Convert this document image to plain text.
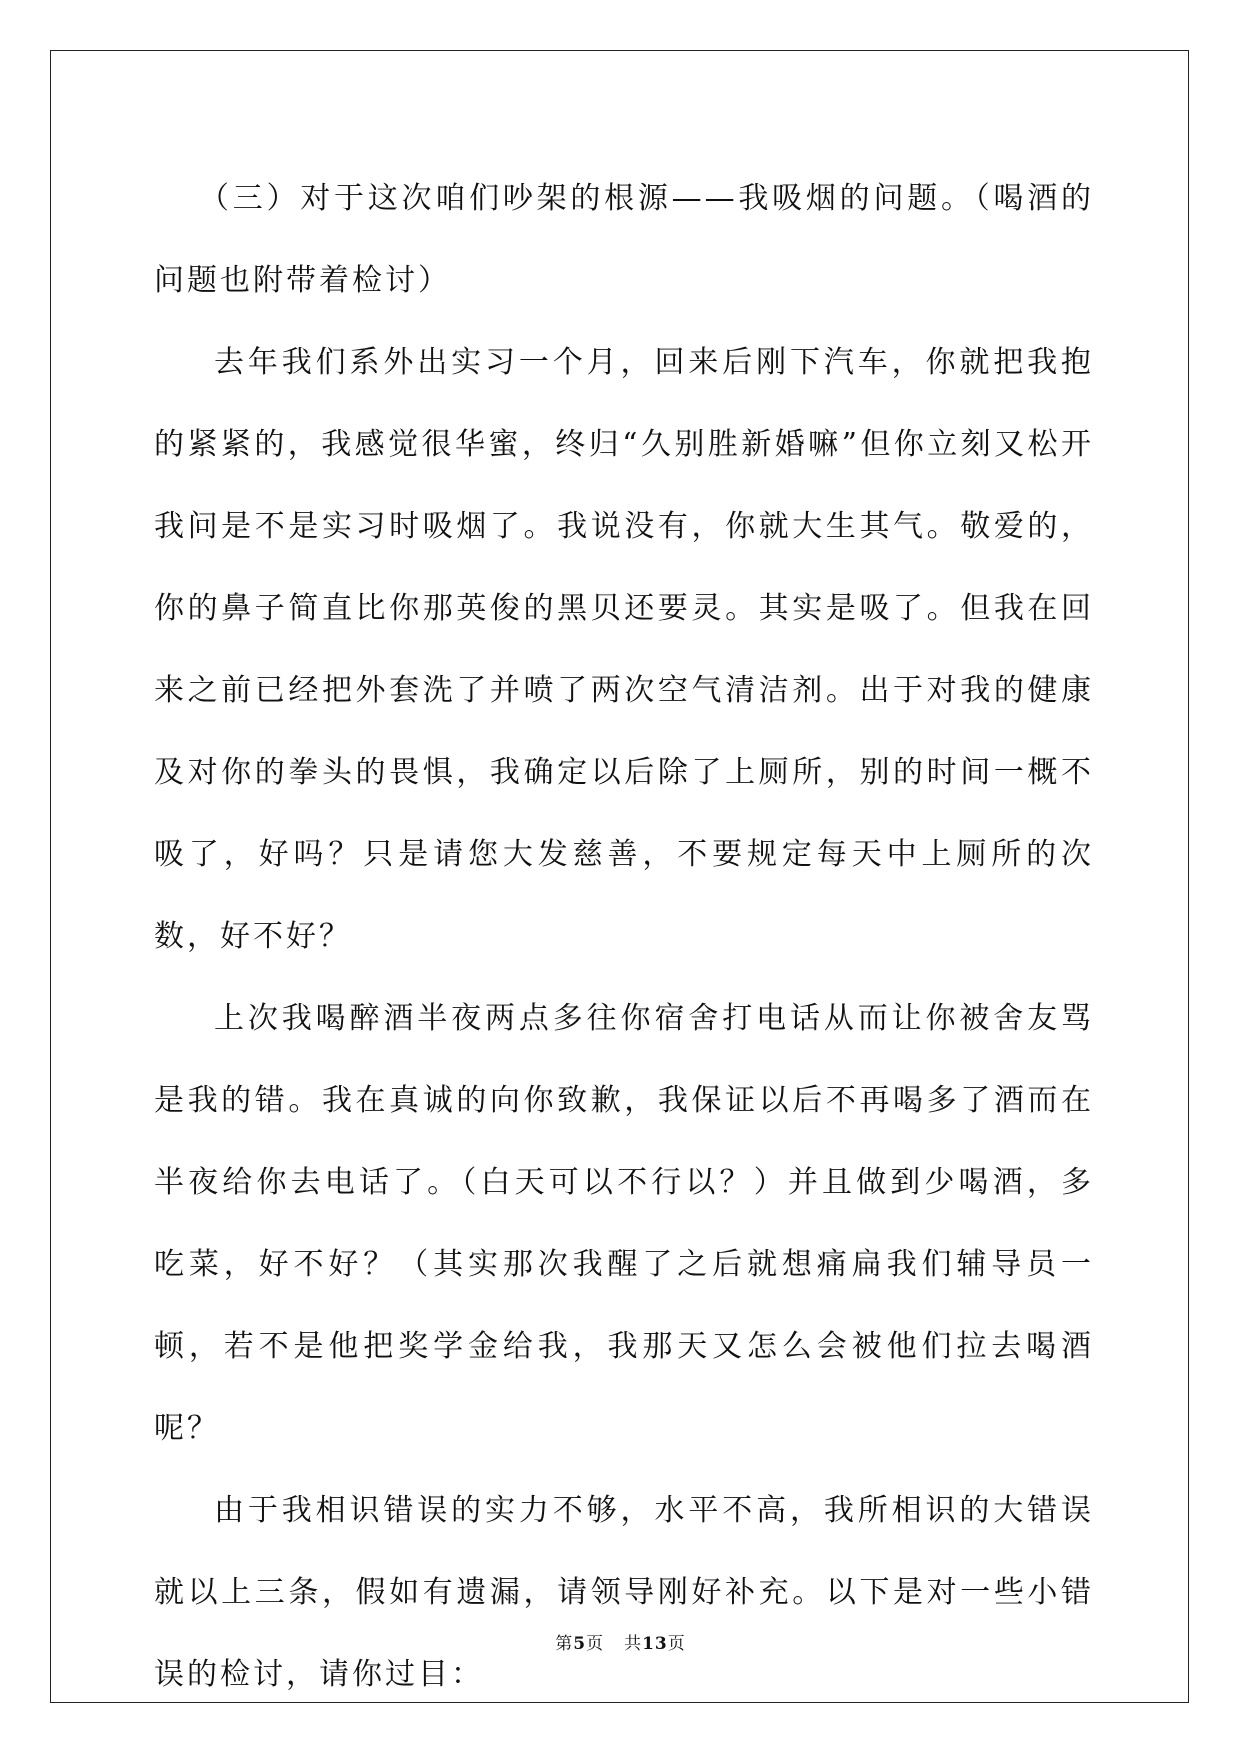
（三）对于这次咱们吵架的根源——我吸烟的问题。（喝酒的问题也附带着检讨）

去年我们系外出实习一个月，回来后刚下汽车，你就把我抱的紧紧的，我感觉很华蜜，终归“久别胜新婚嘛”但你立刻又松开我问是不是实习时吸烟了。我说没有，你就大生其气。敬爱的，你的鼻子简直比你那英俊的黑贝还要灵。其实是吸了。但我在回来之前已经把外套洗了并喷了两次空气清洁剂。出于对我的健康及对你的拳头的畏惧，我确定以后除了上厕所，别的时间一概不吸了，好吗？只是请您大发慈善，不要规定每天中上厕所的次数，好不好？

上次我喝醉酒半夜两点多往你宿舍打电话从而让你被舍友骂是我的错。我在真诚的向你致歉，我保证以后不再喝多了酒而在半夜给你去电话了。（白天可以不行以？）并且做到少喝酒，多吃菜，好不好？（其实那次我醒了之后就想痛扁我们辅导员一顿，若不是他把奖学金给我，我那天又怎么会被他们拉去喝酒呢？

由于我相识错误的实力不够，水平不高，我所相识的大错误就以上三条，假如有遗漏，请领导刚好补充。以下是对一些小错误的检讨，请你过目：

第5页 共13页
